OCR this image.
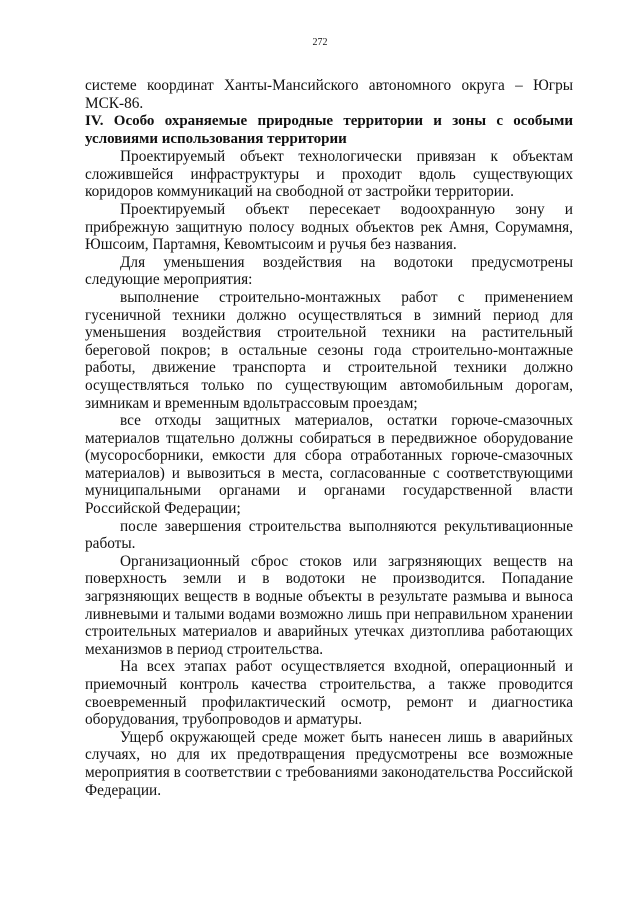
272

системе координат Ханты-Мансийского автономного округа – Югры МСК-86.

IV. Особо охраняемые природные территории и зоны с особыми условиями использования территории

Проектируемый объект технологически привязан к объектам сложившейся инфраструктуры и проходит вдоль существующих коридоров коммуникаций на свободной от застройки территории.

Проектируемый объект пересекает водоохранную зону и прибрежную защитную полосу водных объектов рек Амня, Сорумамня, Юшсоим, Партамня, Кевомтысоим и ручья без названия.

Для уменьшения воздействия на водотоки предусмотрены следующие мероприятия:

выполнение строительно-монтажных работ с применением гусеничной техники должно осуществляться в зимний период для уменьшения воздействия строительной техники на растительный береговой покров; в остальные сезоны года строительно-монтажные работы, движение транспорта и строительной техники должно осуществляться только по существующим автомобильным дорогам, зимникам и временным вдольтрассовым проездам;

все отходы защитных материалов, остатки горюче-смазочных материалов тщательно должны собираться в передвижное оборудование (мусоросборники, емкости для сбора отработанных горюче-смазочных материалов) и вывозиться в места, согласованные с соответствующими муниципальными органами и органами государственной власти Российской Федерации;

после завершения строительства выполняются рекультивационные работы.

Организационный сброс стоков или загрязняющих веществ на поверхность земли и в водотоки не производится. Попадание загрязняющих веществ в водные объекты в результате размыва и выноса ливневыми и талыми водами возможно лишь при неправильном хранении строительных материалов и аварийных утечках дизтоплива работающих механизмов в период строительства.

На всех этапах работ осуществляется входной, операционный и приемочный контроль качества строительства, а также проводится своевременный профилактический осмотр, ремонт и диагностика оборудования, трубопроводов и арматуры.

Ущерб окружающей среде может быть нанесен лишь в аварийных случаях, но для их предотвращения предусмотрены все возможные мероприятия в соответствии с требованиями законодательства Российской Федерации.
